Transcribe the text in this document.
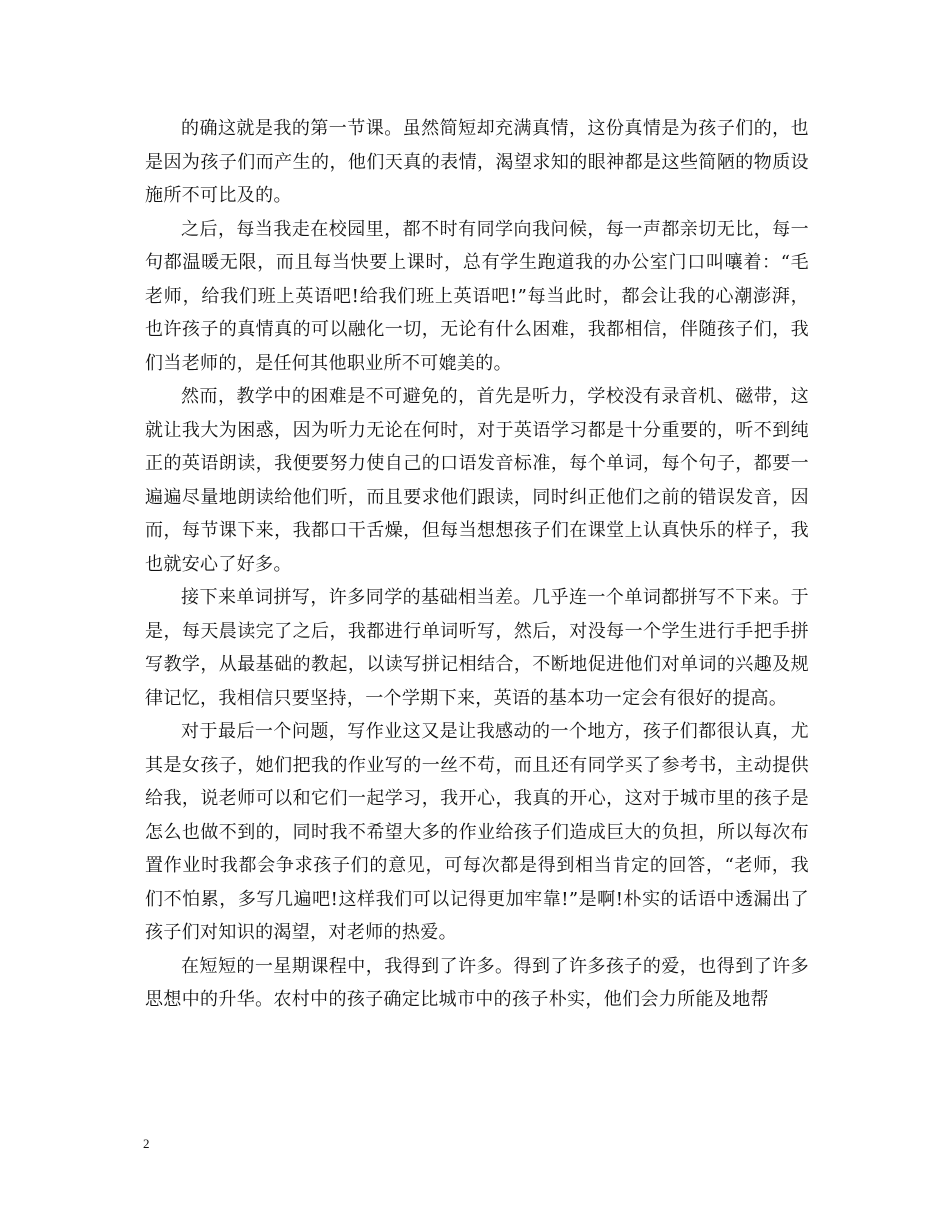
的确这就是我的第一节课。虽然简短却充满真情，这份真情是为孩子们的，也是因为孩子们而产生的，他们天真的表情，渴望求知的眼神都是这些简陋的物质设施所不可比及的。

之后，每当我走在校园里，都不时有同学向我问候，每一声都亲切无比，每一句都温暖无限，而且每当快要上课时，总有学生跑道我的办公室门口叫嚷着：“毛老师，给我们班上英语吧!给我们班上英语吧!”每当此时，都会让我的心潮澎湃，也许孩子的真情真的可以融化一切，无论有什么困难，我都相信，伴随孩子们，我们当老师的，是任何其他职业所不可媲美的。

然而，教学中的困难是不可避免的，首先是听力，学校没有录音机、磁带，这就让我大为困惑，因为听力无论在何时，对于英语学习都是十分重要的，听不到纯正的英语朗读，我便要努力使自己的口语发音标准，每个单词，每个句子，都要一遍遍尽量地朗读给他们听，而且要求他们跟读，同时纠正他们之前的错误发音，因而，每节课下来，我都口干舌燥，但每当想想孩子们在课堂上认真快乐的样子，我也就安心了好多。

接下来单词拼写，许多同学的基础相当差。几乎连一个单词都拼写不下来。于是，每天晨读完了之后，我都进行单词听写，然后，对没每一个学生进行手把手拼写教学，从最基础的教起，以读写拼记相结合，不断地促进他们对单词的兴趣及规律记忆，我相信只要坚持，一个学期下来，英语的基本功一定会有很好的提高。

对于最后一个问题，写作业这又是让我感动的一个地方，孩子们都很认真，尤其是女孩子，她们把我的作业写的一丝不苟，而且还有同学买了参考书，主动提供给我，说老师可以和它们一起学习，我开心，我真的开心，这对于城市里的孩子是怎么也做不到的，同时我不希望大多的作业给孩子们造成巨大的负担，所以每次布置作业时我都会争求孩子们的意见，可每次都是得到相当肯定的回答，“老师，我们不怕累，多写几遍吧!这样我们可以记得更加牢靠!”是啊!朴实的话语中透漏出了孩子们对知识的渴望，对老师的热爱。

在短短的一星期课程中，我得到了许多。得到了许多孩子的爱，也得到了许多思想中的升华。农村中的孩子确定比城市中的孩子朴实，他们会力所能及地帮

2
